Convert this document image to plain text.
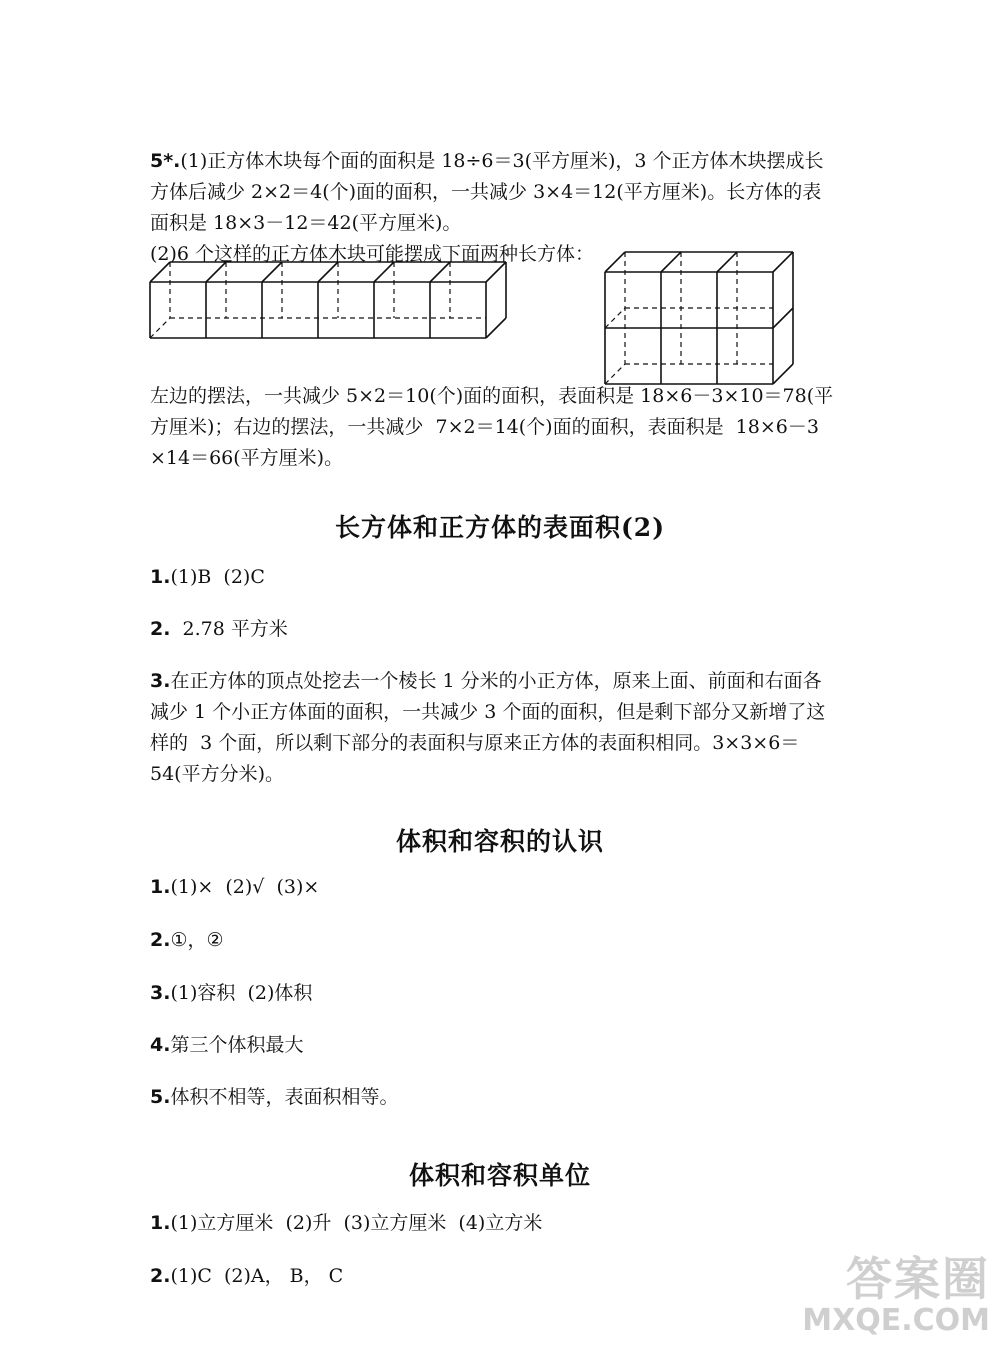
5*.(1)正方体木块每个面的面积是 18÷6＝3(平方厘米)，3 个正方体木块摆成长
方体后减少 2×2＝4(个)面的面积，一共减少 3×4＝12(平方厘米)。长方体的表
面积是 18×3－12＝42(平方厘米)。
(2)6 个这样的正方体木块可能摆成下面两种长方体：
左边的摆法，一共减少 5×2＝10(个)面的面积，表面积是 18×6－3×10＝78(平
方厘米)；右边的摆法，一共减少  7×2＝14(个)面的面积，表面积是  18×6－3
×14＝66(平方厘米)。
长方体和正方体的表面积(2)
1.(1)B  (2)C
2.  2.78 平方米
3.在正方体的顶点处挖去一个棱长 1 分米的小正方体，原来上面、前面和右面各
减少 1 个小正方体面的面积，一共减少 3 个面的面积，但是剩下部分又新增了这
样的  3 个面，所以剩下部分的表面积与原来正方体的表面积相同。3×3×6＝
54(平方分米)。
体积和容积的认识
1.(1)×  (2)√  (3)×
2.①，②
3.(1)容积  (2)体积
4.第三个体积最大
5.体积不相等，表面积相等。
体积和容积单位
1.(1)立方厘米  (2)升  (3)立方厘米  (4)立方米
2.(1)C  (2)A， B， C	答案圈
MXQE.COM
